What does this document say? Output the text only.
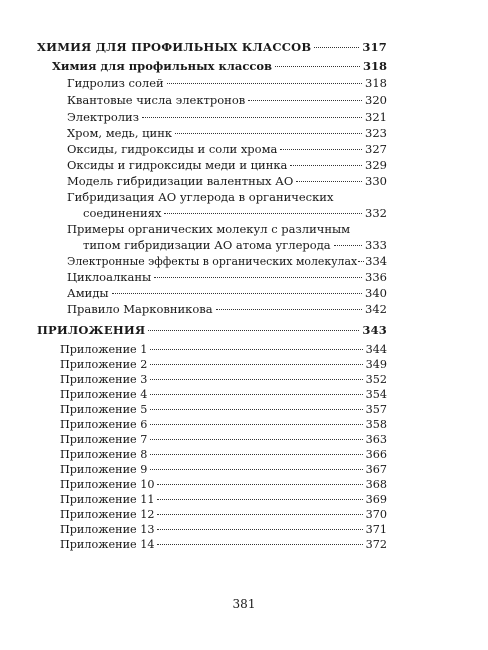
ХИМИЯ ДЛЯ ПРОФИЛЬНЫХ КЛАССОВ	317
Химия для профильных классов	318
Гидролиз солей	318
Квантовые числа электронов	320
Электролиз	321
Хром, медь, цинк	323
Оксиды, гидроксиды и соли хрома	327
Оксиды и гидроксиды меди и цинка	329
Модель гибридизации валентных АО	330
Гибридизация АО углерода в органических
соединениях	332
Примеры органических молекул с различным
типом гибридизации АО атома углерода	333
Электронные эффекты в органических молекулах 334
Циклоалканы	336
Амиды	340
Правило Марковникова	342
ПРИЛОЖЕНИЯ	343
Приложение 1	344
Приложение 2	349
Приложение 3	352
Приложение 4	354
Приложение 5	357
Приложение 6	358
Приложение 7	363
Приложение 8	366
Приложение 9	367
Приложение 10	368
Приложение 11	369
Приложение 12	370
Приложение 13	371
Приложение 14	372
381
